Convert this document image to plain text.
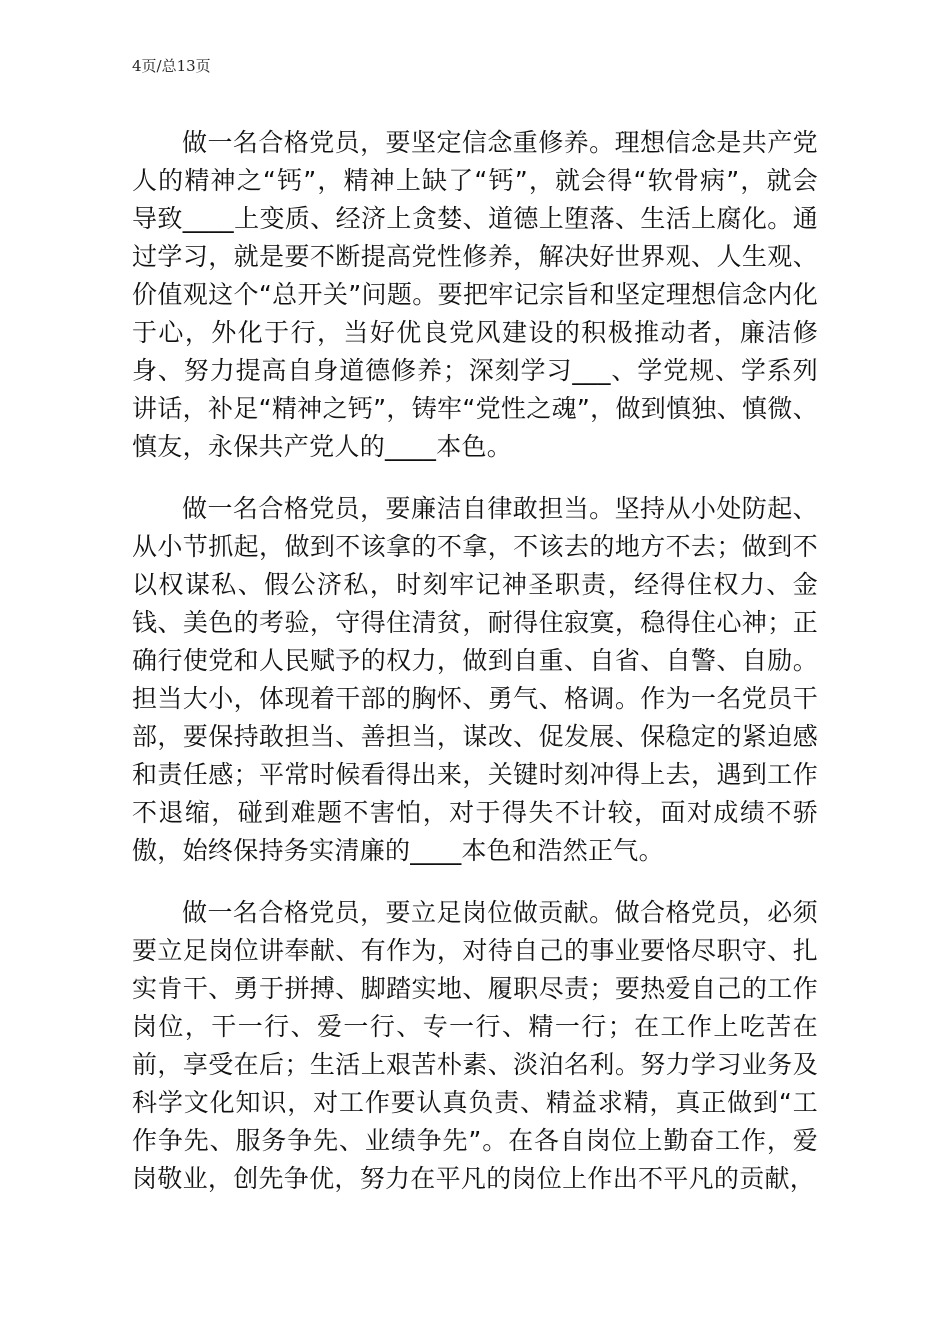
4页/总13页

做一名合格党员，要坚定信念重修养。理想信念是共产党人的精神之“钙”，精神上缺了“钙”，就会得“软骨病”，就会导致____上变质、经济上贪婪、道德上堕落、生活上腐化。通过学习，就是要不断提高党性修养，解决好世界观、人生观、价值观这个“总开关”问题。要把牢记宗旨和坚定理想信念内化于心，外化于行，当好优良党风建设的积极推动者，廉洁修身、努力提高自身道德修养；深刻学习___、学党规、学系列讲话，补足“精神之钙”，铸牢“党性之魂”，做到慎独、慎微、慎友，永保共产党人的____本色。

做一名合格党员，要廉洁自律敢担当。坚持从小处防起、从小节抓起，做到不该拿的不拿，不该去的地方不去；做到不以权谋私、假公济私，时刻牢记神圣职责，经得住权力、金钱、美色的考验，守得住清贫，耐得住寂寞，稳得住心神；正确行使党和人民赋予的权力，做到自重、自省、自警、自励。担当大小，体现着干部的胸怀、勇气、格调。作为一名党员干部，要保持敢担当、善担当，谋改、促发展、保稳定的紧迫感和责任感；平常时候看得出来，关键时刻冲得上去，遇到工作不退缩，碰到难题不害怕，对于得失不计较，面对成绩不骄傲，始终保持务实清廉的____本色和浩然正气。

做一名合格党员，要立足岗位做贡献。做合格党员，必须要立足岗位讲奉献、有作为，对待自己的事业要恪尽职守、扎实肯干、勇于拼搏、脚踏实地、履职尽责；要热爱自己的工作岗位，干一行、爱一行、专一行、精一行；在工作上吃苦在前，享受在后；生活上艰苦朴素、淡泊名利。努力学习业务及科学文化知识，对工作要认真负责、精益求精，真正做到“工作争先、服务争先、业绩争先”。在各自岗位上勤奋工作，爱岗敬业，创先争优，努力在平凡的岗位上作出不平凡的贡献，
